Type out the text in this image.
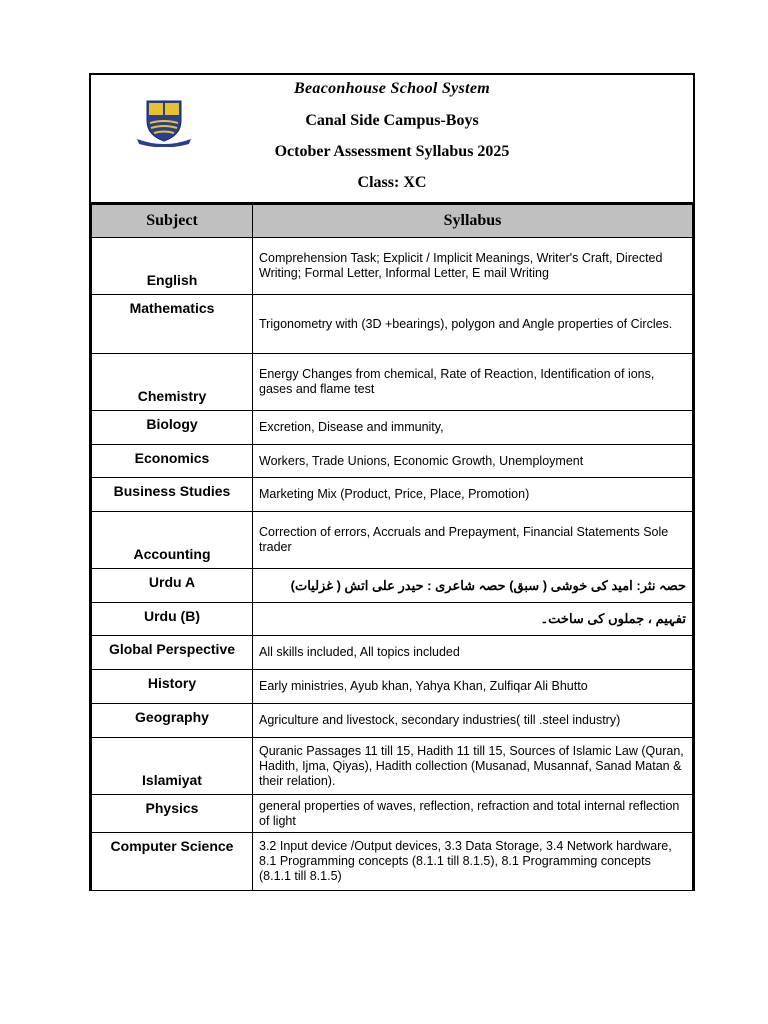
Beaconhouse School System
Canal Side Campus-Boys
October Assessment Syllabus 2025
Class: XC
Subject	Syllabus
English	Comprehension Task; Explicit / Implicit Meanings, Writer's Craft, Directed Writing; Formal Letter, Informal Letter, E mail Writing
Mathematics	Trigonometry with (3D +bearings), polygon and Angle properties of Circles.
Chemistry	Energy Changes from chemical, Rate of Reaction, Identification of ions, gases and flame test
Biology	Excretion, Disease and immunity,
Economics	Workers, Trade Unions, Economic Growth, Unemployment
Business Studies	Marketing Mix (Product, Price, Place, Promotion)
Accounting	Correction of errors, Accruals and Prepayment, Financial Statements Sole trader
Urdu A	حصہ نثر: امید کی خوشی ( سبق) حصہ شاعری : حیدر علی اتش ( غزلیات)
Urdu (B)	تفہیم ، جملوں کی ساخت۔
Global Perspective	All skills included, All topics included
History	Early ministries, Ayub khan, Yahya Khan, Zulfiqar Ali Bhutto
Geography	Agriculture and livestock, secondary industries( till .steel industry)
Islamiyat	Quranic Passages 11 till 15, Hadith 11 till 15, Sources of Islamic Law (Quran, Hadith, Ijma, Qiyas), Hadith collection (Musanad, Musannaf, Sanad Matan & their relation).
Physics	general properties of waves, reflection, refraction and total internal reflection of light
Computer Science	3.2 Input device /Output devices, 3.3 Data Storage, 3.4 Network hardware, 8.1 Programming concepts (8.1.1 till 8.1.5), 8.1 Programming concepts (8.1.1 till 8.1.5)
